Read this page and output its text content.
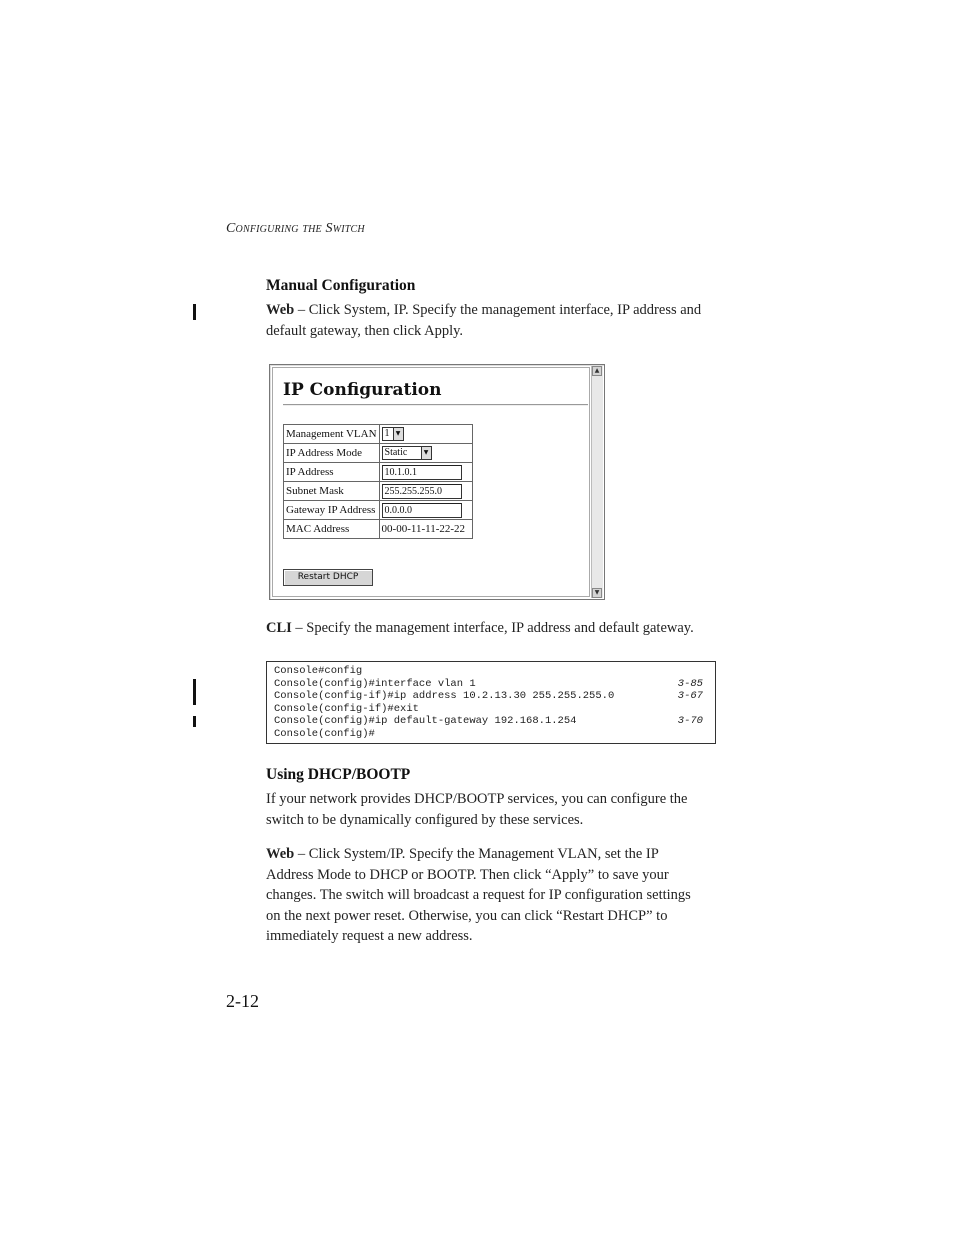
Configuring the Switch
Manual Configuration
Web – Click System, IP. Specify the management interface, IP address and
default gateway, then click Apply.
IP Configuration
Management VLAN	1 ▼

IP Address Mode	Static ▼

IP Address	10.1.0.1
Subnet Mask	255.255.255.0
Gateway IP Address	0.0.0.0
MAC Address	00-00-11-11-22-22
Restart DHCP
▲
▼
CLI – Specify the management interface, IP address and default gateway.
Console#config
Console(config)#interface vlan 1	3-85
Console(config-if)#ip address 10.2.13.30 255.255.255.0	3-67
Console(config-if)#exit
Console(config)#ip default-gateway 192.168.1.254	3-70
Console(config)#
Using DHCP/BOOTP
If your network provides DHCP/BOOTP services, you can configure the
switch to be dynamically configured by these services.
Web – Click System/IP. Specify the Management VLAN, set the IP
Address Mode to DHCP or BOOTP. Then click “Apply” to save your
changes. The switch will broadcast a request for IP configuration settings
on the next power reset. Otherwise, you can click “Restart DHCP” to
immediately request a new address.
2-12
